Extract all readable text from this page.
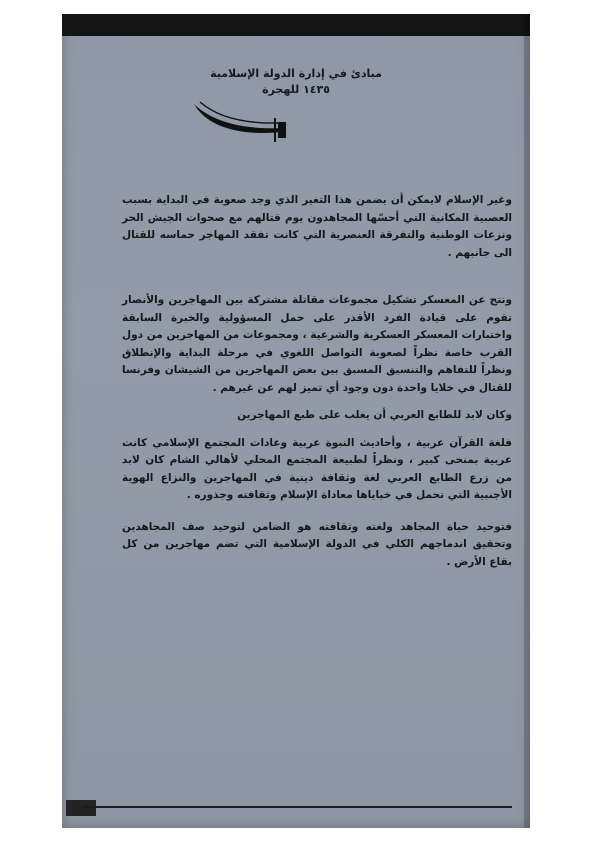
مبادئ في إدارة الدولة الإسلامية

١٤٣٥ للهجرة

وغير الإسلام لايمكن أن يضمن هذا التغير الذي وجد صعوبة في البداية بسبب العصبية المكانية التي أحسّها المجاهدون يوم قتالهم مع صحوات الجيش الحر ونزعات الوطنية والتفرقة العنصرية التي كانت تفقد المهاجر حماسه للقتال الى جانبهم .

ونتج عن المعسكر تشكيل مجموعات مقاتلة مشتركة بين المهاجرين والأنصار تقوم على قيادة الفرد الأقدر على حمل المسؤولية والخبرة السابقة واختبارات المعسكر العسكرية والشرعية ، ومجموعات من المهاجرين من دول القرب خاصة نظراً لصعوبة التواصل اللغوي في مرحلة البداية والإنطلاق ونظراً للتفاهم والتنسيق المسبق بين بعض المهاجرين من الشيشان وفرنسا للقتال في خلايا واحدة دون وجود أي تميز لهم عن غيرهم .

وكان لابد للطابع العربي أن يغلب على طبع المهاجرين

فلغة القرآن عربية ، وأحاديث النبوة عربية وعادات المجتمع الإسلامي كانت عربية بمنحى كبير ، ونظراً لطبيعة المجتمع المحلي لأهالي الشام كان لابد من زرع الطابع العربي لغة وثقافة دينية في المهاجرين والنزاع الهوية الأجنبية التي تحمل في خباياها معاداة الإسلام وثقافته وجذوره .

فتوحيد حياة المجاهد ولغته وثقافته هو الضامن لتوحيد صف المجاهدين وتحقيق اندماجهم الكلي في الدولة الإسلامية التي تضم مهاجرين من كل بقاع الأرض .
